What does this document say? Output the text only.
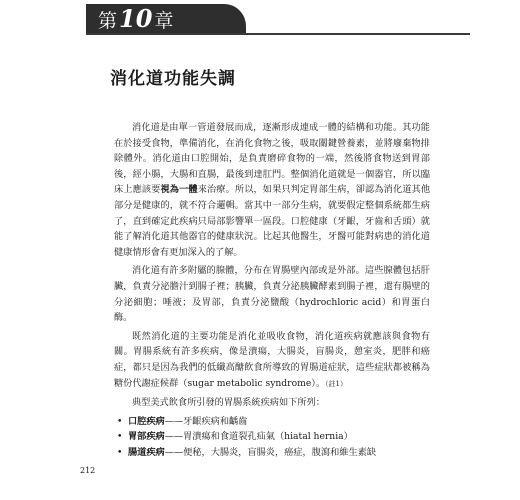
第10 章
消化道功能失調

消化道是由單一管道發展而成，逐漸形成連成一體的結構和功能。其功能在於接受食物，準備消化，在消化食物之後，吸取關鍵營養素，並將廢棄物排除體外。消化道由口腔開始，是負責磨碎食物的一端，然後將食物送到胃部後，經小腸，大腸和直腸，最後到達肛門。整個消化道就是一個器官，所以臨床上應該要視為一體來治療。所以，如果只判定胃部生病，卻認為消化道其他部分是健康的，就不符合邏輯。當其中一部分生病，就要假定整個系統都生病了，直到確定此疾病只局部影響單一區段。口腔健康（牙齦，牙齒和舌頭）就能了解消化道其他器官的健康狀況。比起其他醫生，牙醫可能對病患的消化道健康情形會有更加深入的了解。

消化道有許多附屬的腺體，分布在胃腸壁內部或是外部。這些腺體包括肝臟，負責分泌膽汁到腸子裡；胰臟，負責分泌胰臟酵素到腸子裡，還有腸壁的分泌細胞；唾液；及胃部，負責分泌鹽酸（hydrochloric acid）和胃蛋白酶。

既然消化道的主要功能是消化並吸收食物，消化道疾病就應該與食物有關。胃腸系統有許多疾病，像是潰瘍，大腸炎，盲腸炎，憩室炎，肥胖和癌症，都只是因為我們的低纖高醣飲食所導致的胃腸道症狀，這些症狀都被稱為糖份代謝症候群（sugar metabolic syndrome）。（註1）

典型美式飲食所引發的胃腸系統疾病如下所列：

• 口腔疾病——牙齦疾病和齲齒
• 胃部疾病——胃潰瘍和食道裂孔疝氣（hiatal hernia）
• 腸道疾病——便秘，大腸炎，盲腸炎，癌症，腹瀉和維生素缺
212
